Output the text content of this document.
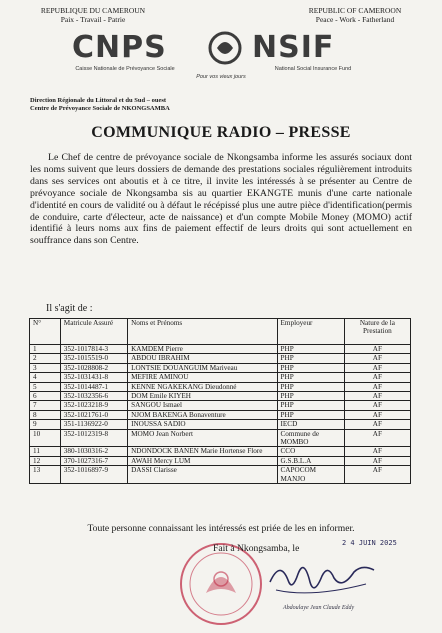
REPUBLIQUE DU CAMEROUN
Paix - Travail - Patrie
REPUBLIC OF CAMEROON
Peace - Work - Fatherland
CNPS	NSIF
Caisse Nationale de Prévoyance Sociale	National Social Insurance Fund
Pour vos vieux jours
Direction Régionale du Littoral et du Sud – ouest
Centre de Prévoyance Sociale de NKONGSAMBA
COMMUNIQUE RADIO – PRESSE
Le Chef de centre de prévoyance sociale de Nkongsamba informe les assurés sociaux dont les noms suivent que leurs dossiers de demande des prestations sociales régulièrement introduits dans ses services ont aboutis et à ce titre, il invite les intéressés à se présenter au Centre de prévoyance sociale de Nkongsamba sis au quartier EKANGTE munis d'une carte nationale d'identité en cours de validité ou à défaut le récépissé plus une autre pièce d'identification(permis de conduire, carte d'électeur, acte de naissance) et d'un compte Mobile Money (MOMO) actif identifié à leurs noms aux fins de paiement effectif de leurs droits qui sont actuellement en souffrance dans son Centre.
Il s'agit de :
N°	Matricule Assuré	Noms et Prénoms	Employeur	Nature de la Prestation
1	352-1017814-3	KAMDEM Pierre	PHP	AF
2	352-1015519-0	ABDOU IBRAHIM	PHP	AF
3	352-1028808-2	LONTSIE DOUANGUIM Mariveau	PHP	AF
4	352-1031431-8	MEFIRE AMINOU	PHP	AF
5	352-1014487-1	KENNE NGAKEKANG Dieudonné	PHP	AF
6	352-1032356-6	DOM Emile KIYEH	PHP	AF
7	352-1023218-9	SANGOU Ismael	PHP	AF
8	352-1021761-0	NJOM BAKENGA Bonaventure	PHP	AF
9	351-1136922-0	INOUSSA SADIO	IECD	AF
10	352-1012319-8	MOMO Jean Norbert	Commune de MOMBO	AF
11	380-1030316-2	NDONDOCK BANEN Marie Hortense Flore	CCO	AF
12	370-1027316-7	AWAH Mercy LUM	G.S.B.L.A	AF
13	352-1016897-9	DASSI Clarisse	CAPOCOM MANJO	AF
Toute personne connaissant les intéressés est priée de les en informer.
Fait à Nkongsamba, le	2 4 JUIN 2025
Abdoulaye Jean Claude Eddy
